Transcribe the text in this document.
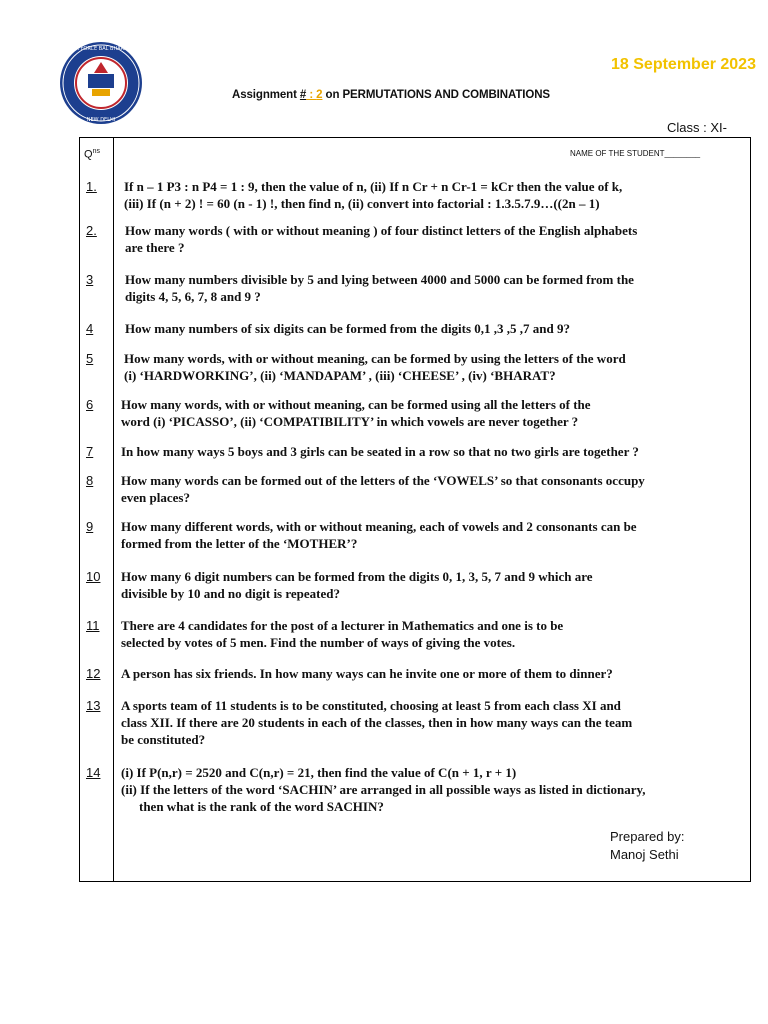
AIR FORCE BAL BHARATI
NEW DELHI
18 September 2023
Assignment # : 2 on PERMUTATIONS AND COMBINATIONS
Class : XI-
$Q^{ns}$	NAME OF THE STUDENT________
1. If n – 1 P3 : n P4 = 1 : 9, then the value of n, (ii) If n Cr + n Cr-1 = kCr then the value of k,
(iii) If (n + 2) ! = 60 (n - 1) !, then find n, (ii) convert into factorial : 1.3.5.7.9…((2n – 1)
2. How many words ( with or without meaning ) of four distinct letters of the English alphabets
are there ?
3 How many numbers divisible by 5 and lying between 4000 and 5000 can be formed from the
digits 4, 5, 6, 7, 8 and 9 ?
4 How many numbers of six digits can be formed from the digits 0,1 ,3 ,5 ,7 and 9?
5 How many words, with or without meaning, can be formed by using the letters of the word
(i) ‘HARDWORKING’, (ii) ‘MANDAPAM’ , (iii) ‘CHEESE’ , (iv) ‘BHARAT?
6 How many words, with or without meaning, can be formed using all the letters of the
word (i) ‘PICASSO’, (ii) ‘COMPATIBILITY’ in which vowels are never together ?
7 In how many ways 5 boys and 3 girls can be seated in a row so that no two girls are together ?
8 How many words can be formed out of the letters of the ‘VOWELS’ so that consonants occupy
even places?
9 How many different words, with or without meaning, each of vowels and 2 consonants can be
formed from the letter of the ‘MOTHER’?
10 How many 6 digit numbers can be formed from the digits 0, 1, 3, 5, 7 and 9 which are
divisible by 10 and no digit is repeated?
11 There are 4 candidates for the post of a lecturer in Mathematics and one is to be
selected by votes of 5 men. Find the number of ways of giving the votes.
12 A person has six friends. In how many ways can he invite one or more of them to dinner?
13 A sports team of 11 students is to be constituted, choosing at least 5 from each class XI and
class XII. If there are 20 students in each of the classes, then in how many ways can the team
be constituted?
14 (i) If P(n,r) = 2520 and C(n,r) = 21, then find the value of C(n + 1, r + 1)
(ii) If the letters of the word ‘SACHIN’ are arranged in all possible ways as listed in dictionary,
then what is the rank of the word SACHIN?
Prepared by:
Manoj Sethi
